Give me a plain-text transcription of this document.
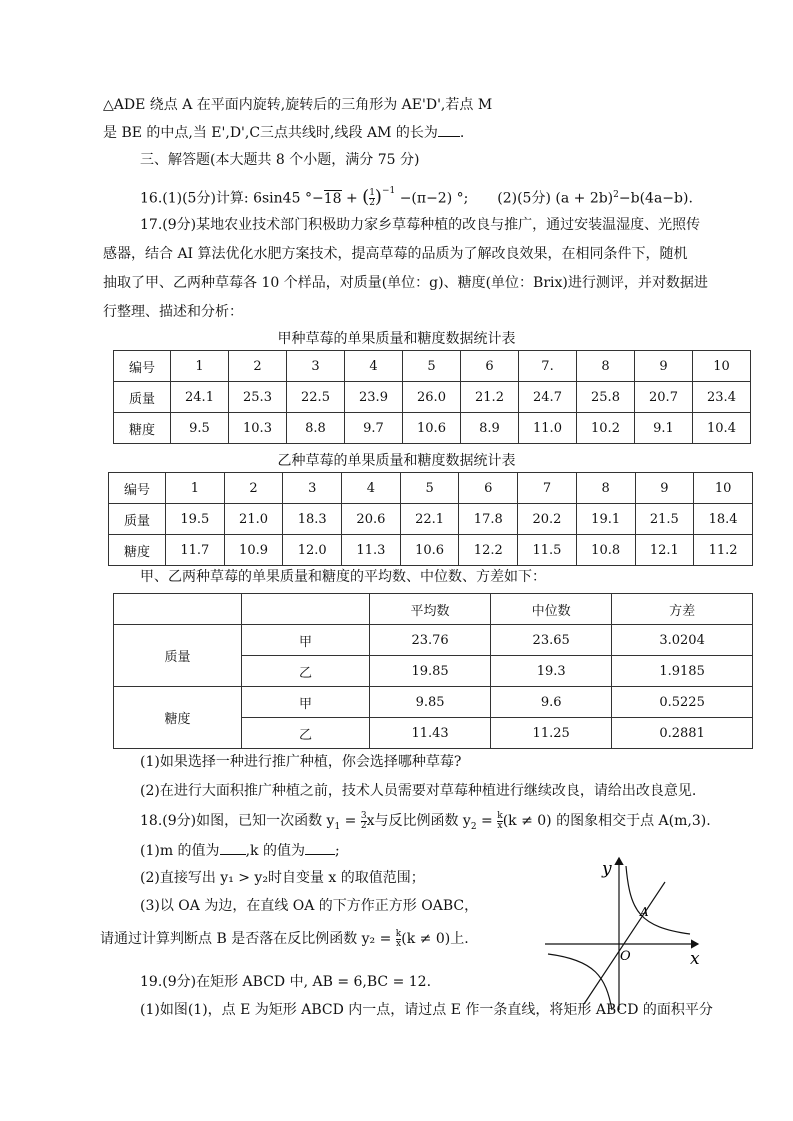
△ADE 绕点 A 在平面内旋转,旋转后的三角形为 AE'D',若点 M
是 BE 的中点,当 E',D',C三点共线时,线段 AM 的长为 .
三、解答题(本大题共 8 个小题，满分 75 分)
16.(1)(5分)计算: 6sin45 °−18 + ( $\frac{1}{2} )^{-1} -(\pi-2)$ °; (2)(5分) $(a + 2b)^2-b(4a-b)$.
17.(9分)某地农业技术部门积极助力家乡草莓种植的改良与推广，通过安装温湿度、光照传
感器，结合 AI 算法优化水肥方案技术，提高草莓的品质为了解改良效果，在相同条件下，随机
抽取了甲、乙两种草莓各 10 个样品，对质量(单位：g)、糖度(单位：Brix)进行测评，并对数据进
行整理、描述和分析：
甲种草莓的单果质量和糖度数据统计表
编号	1	2	3	4	5	6	7.	8	9	10
质量	24.1	25.3	22.5	23.9	26.0	21.2	24.7	25.8	20.7	23.4
糖度	9.5	10.3	8.8	9.7	10.6	8.9	11.0	10.2	9.1	10.4
乙种草莓的单果质量和糖度数据统计表
编号	1	2	3	4	5	6	7	8	9	10
质量	19.5	21.0	18.3	20.6	22.1	17.8	20.2	19.1	21.5	18.4
糖度	11.7	10.9	12.0	11.3	10.6	12.2	11.5	10.8	12.1	11.2
甲、乙两种草莓的单果质量和糖度的平均数、中位数、方差如下：
		平均数	中位数	方差
质量	甲	23.76	23.65	3.0204
	乙	19.85	19.3	1.9185
糖度	甲	9.85	9.6	0.5225
	乙	11.43	11.25	0.2881
(1)如果选择一种进行推广种植，你会选择哪种草莓?
(2)在进行大面积推广种植之前，技术人员需要对草莓种植进行继续改良，请给出改良意见.
18.(9分)如图，已知一次函数 $y_1 = \frac{3}{2}$ x与反比例函数 $y_2 = \frac{k}{x} (k \ne 0)$ 的图象相交于点 A(m,3).
(1)m 的值为 ,k 的值为 ;
(2)直接写出 y₁ > y₂时自变量 x 的取值范围；
(3)以 OA 为边，在直线 OA 的下方作正方形 OABC，
请通过计算判断点 B 是否落在反比例函数 $y_2 = \frac{k}{x} (k \ne 0)$上.
y
x
O
A
19.(9分)在矩形 ABCD 中, AB = 6,BC = 12.
(1)如图(1)，点 E 为矩形 ABCD 内一点，请过点 E 作一条直线，将矩形 ABCD 的面积平分
